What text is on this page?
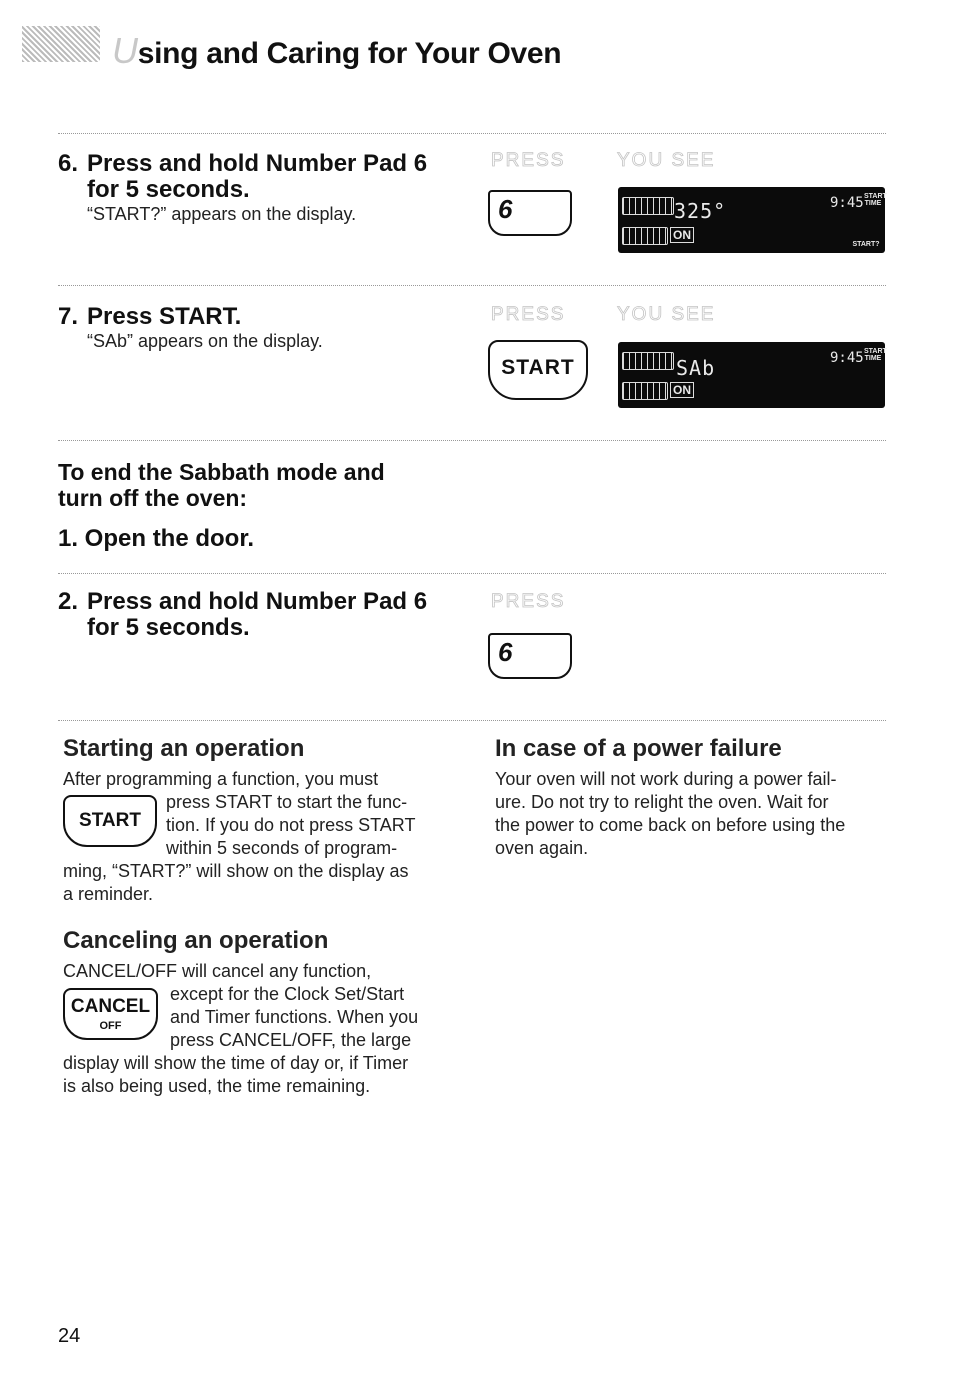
Using and Caring for Your Oven
6. Press and hold Number Pad 6 for 5 seconds.
“START?” appears on the display.
PRESS	YOU SEE
6
ON
325°	9:45 START TIME
START?
7. Press START.
“SAb” appears on the display.
PRESS	YOU SEE
START
ON
SAb	9:45 START TIME
To end the Sabbath mode and turn off the oven:
1. Open the door.
2. Press and hold Number Pad 6 for 5 seconds.
PRESS
6
Starting an operation
After programming a function, you must
START
press START to start the func-
tion. If you do not press START
within 5 seconds of program-
ming, “START?” will show on the display as
a reminder.
Canceling an operation
CANCEL/OFF will cancel any function,
CANCEL
OFF
except for the Clock Set/Start
and Timer functions. When you
press CANCEL/OFF, the large
display will show the time of day or, if Timer
is also being used, the time remaining.
In case of a power failure
Your oven will not work during a power fail-
ure. Do not try to relight the oven. Wait for
the power to come back on before using the
oven again.
24
